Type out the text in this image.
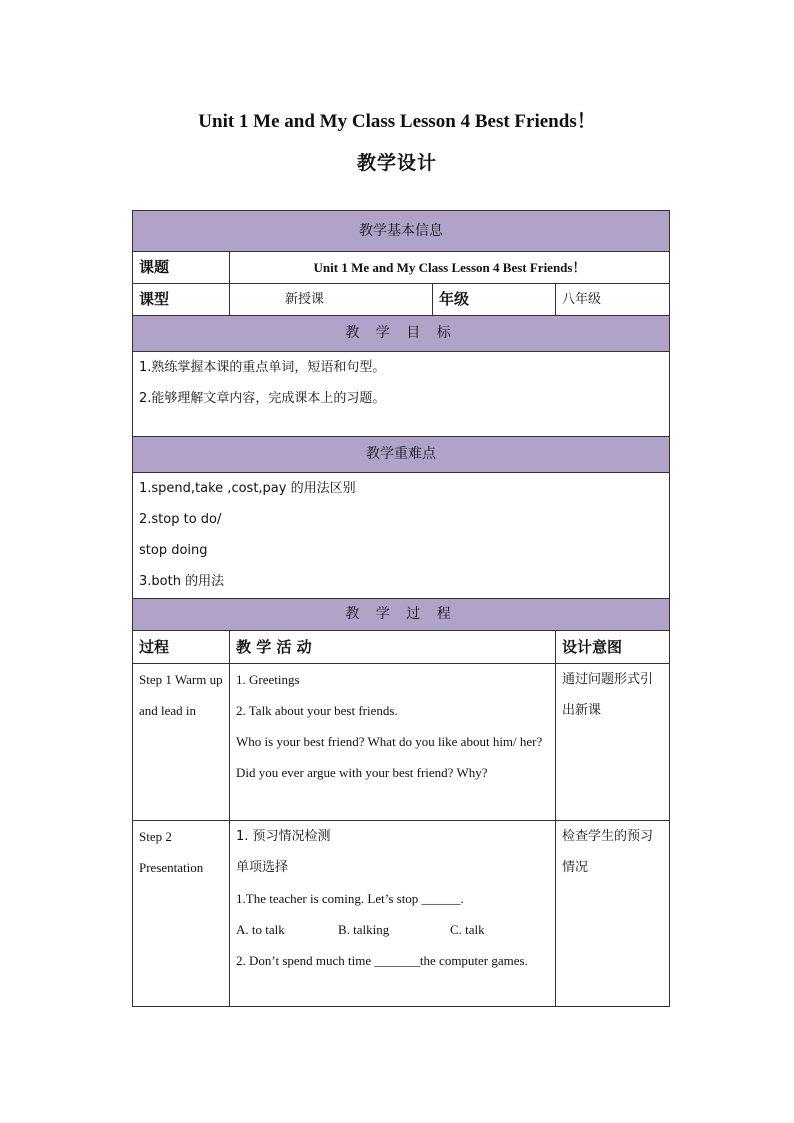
Unit 1 Me and My Class Lesson 4 Best Friends！
教学设计
教学基本信息			
课题	Unit 1 Me and My Class Lesson 4 Best Friends！		
课型	新授课	年级	八年级
教 学 目 标			

1.熟练掌握本课的重点单词，短语和句型。
2.能够理解文章内容，完成课本上的习题。			

教学重难点			

1.spend,take ,cost,pay 的用法区别
2.stop to do/
stop doing
3.both 的用法			

教 学 过 程			
过程	教 学 活 动		设计意图
Step 1 Warm up and lead in	1. Greetings
2. Talk about your best friends.
Who is your best friend? What do you like about him/ her?
Did you ever argue with your best friend? Why?		通过问题形式引出新课

Step 2
Presentation	1. 预习情况检测
单项选择
1.The teacher is coming. Let’s stop ______.
A. to talk B. talking C. talk
2. Don’t spend much time _______the computer games.		检查学生的预习情况
